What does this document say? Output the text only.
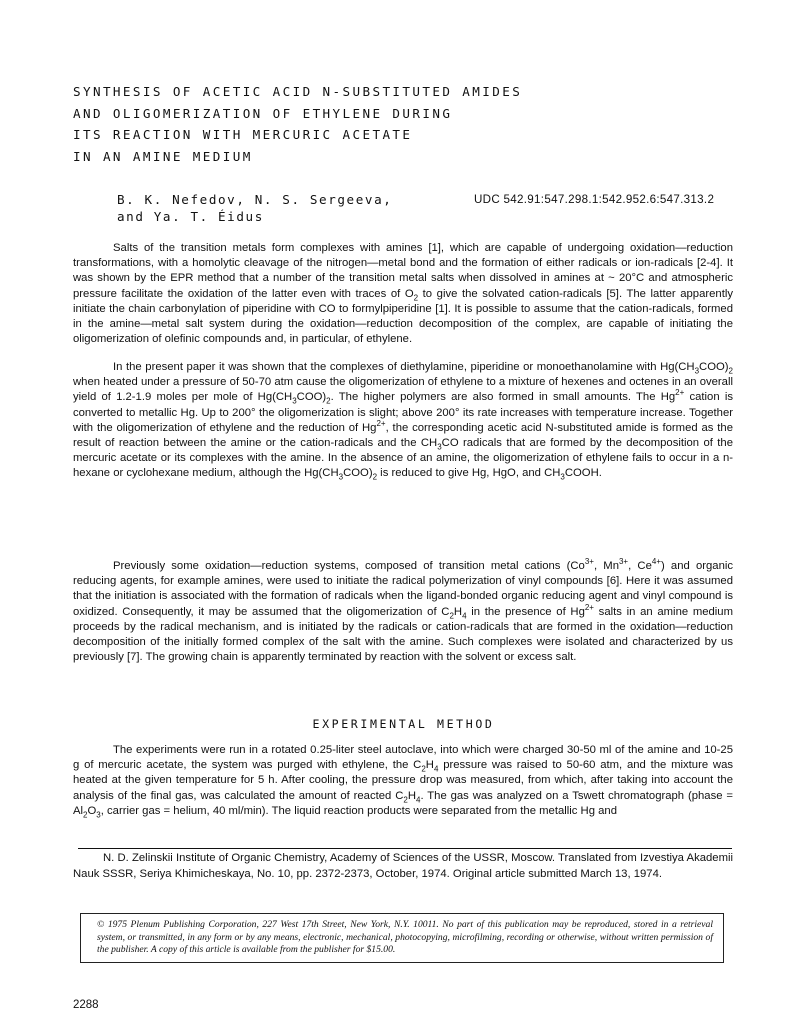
SYNTHESIS OF ACETIC ACID N-SUBSTITUTED AMIDES
AND OLIGOMERIZATION OF ETHYLENE DURING
ITS REACTION WITH MERCURIC ACETATE
IN AN AMINE MEDIUM
B. K. Nefedov, N. S. Sergeeva,
and Ya. T. Éidus
UDC 542.91:547.298.1:542.952.6:547.313.2

Salts of the transition metals form complexes with amines [1], which are capable of undergoing oxidation—reduction transformations, with a homolytic cleavage of the nitrogen—metal bond and the formation of either radicals or ion-radicals [2-4]. It was shown by the EPR method that a number of the transition metal salts when dissolved in amines at ~ 20°C and atmospheric pressure facilitate the oxidation of the latter even with traces of $O_2$ to give the solvated cation-radicals [5]. The latter apparently initiate the chain carbonylation of piperidine with CO to formylpiperidine [1]. It is possible to assume that the cation-radicals, formed in the amine—metal salt system during the oxidation—reduction decomposition of the complex, are capable of initiating the oligomerization of olefinic compounds and, in particular, of ethylene.

In the present paper it was shown that the complexes of diethylamine, piperidine or monoethanolamine with $Hg(CH_3COO)_2$ when heated under a pressure of 50-70 atm cause the oligomerization of ethylene to a mixture of hexenes and octenes in an overall yield of 1.2-1.9 moles per mole of $Hg(CH_3COO)_2$. The higher polymers are also formed in small amounts. The $Hg^{2+}$ cation is converted to metallic Hg. Up to 200° the oligomerization is slight; above 200° its rate increases with temperature increase. Together with the oligomerization of ethylene and the reduction of $Hg^{2+}$, the corresponding acetic acid N-substituted amide is formed as the result of reaction between the amine or the cation-radicals and the $CH_3CO$ radicals that are formed by the decomposition of the mercuric acetate or its complexes with the amine. In the absence of an amine, the oligomerization of ethylene fails to occur in a n-hexane or cyclohexane medium, although the $Hg(CH_3COO)_2$ is reduced to give Hg, HgO, and $CH_3COOH$.

Previously some oxidation—reduction systems, composed of transition metal cations ($Co^{3+}$, $Mn^{3+}$, $Ce^{4+}$) and organic reducing agents, for example amines, were used to initiate the radical polymerization of vinyl compounds [6]. Here it was assumed that the initiation is associated with the formation of radicals when the ligand-bonded organic reducing agent and vinyl compound is oxidized. Consequently, it may be assumed that the oligomerization of $C_2H_4$ in the presence of $Hg^{2+}$ salts in an amine medium proceeds by the radical mechanism, and is initiated by the radicals or cation-radicals that are formed in the oxidation—reduction decomposition of the initially formed complex of the salt with the amine. Such complexes were isolated and characterized by us previously [7]. The growing chain is apparently terminated by reaction with the solvent or excess salt.

EXPERIMENTAL METHOD

The experiments were run in a rotated 0.25-liter steel autoclave, into which were charged 30-50 ml of the amine and 10-25 g of mercuric acetate, the system was purged with ethylene, the $C_2H_4$ pressure was raised to 50-60 atm, and the mixture was heated at the given temperature for 5 h. After cooling, the pressure drop was measured, from which, after taking into account the analysis of the final gas, was calculated the amount of reacted $C_2H_4$. The gas was analyzed on a Tswett chromatograph (phase = $Al_2O_3$, carrier gas = helium, 40 ml/min). The liquid reaction products were separated from the metallic Hg and

N. D. Zelinskii Institute of Organic Chemistry, Academy of Sciences of the USSR, Moscow. Translated from Izvestiya Akademii Nauk SSSR, Seriya Khimicheskaya, No. 10, pp. 2372-2373, October, 1974. Original article submitted March 13, 1974.

© 1975 Plenum Publishing Corporation, 227 West 17th Street, New York, N.Y. 10011. No part of this publication may be reproduced, stored in a retrieval system, or transmitted, in any form or by any means, electronic, mechanical, photocopying, microfilming, recording or otherwise, without written permission of the publisher. A copy of this article is available from the publisher for $15.00.
2288
